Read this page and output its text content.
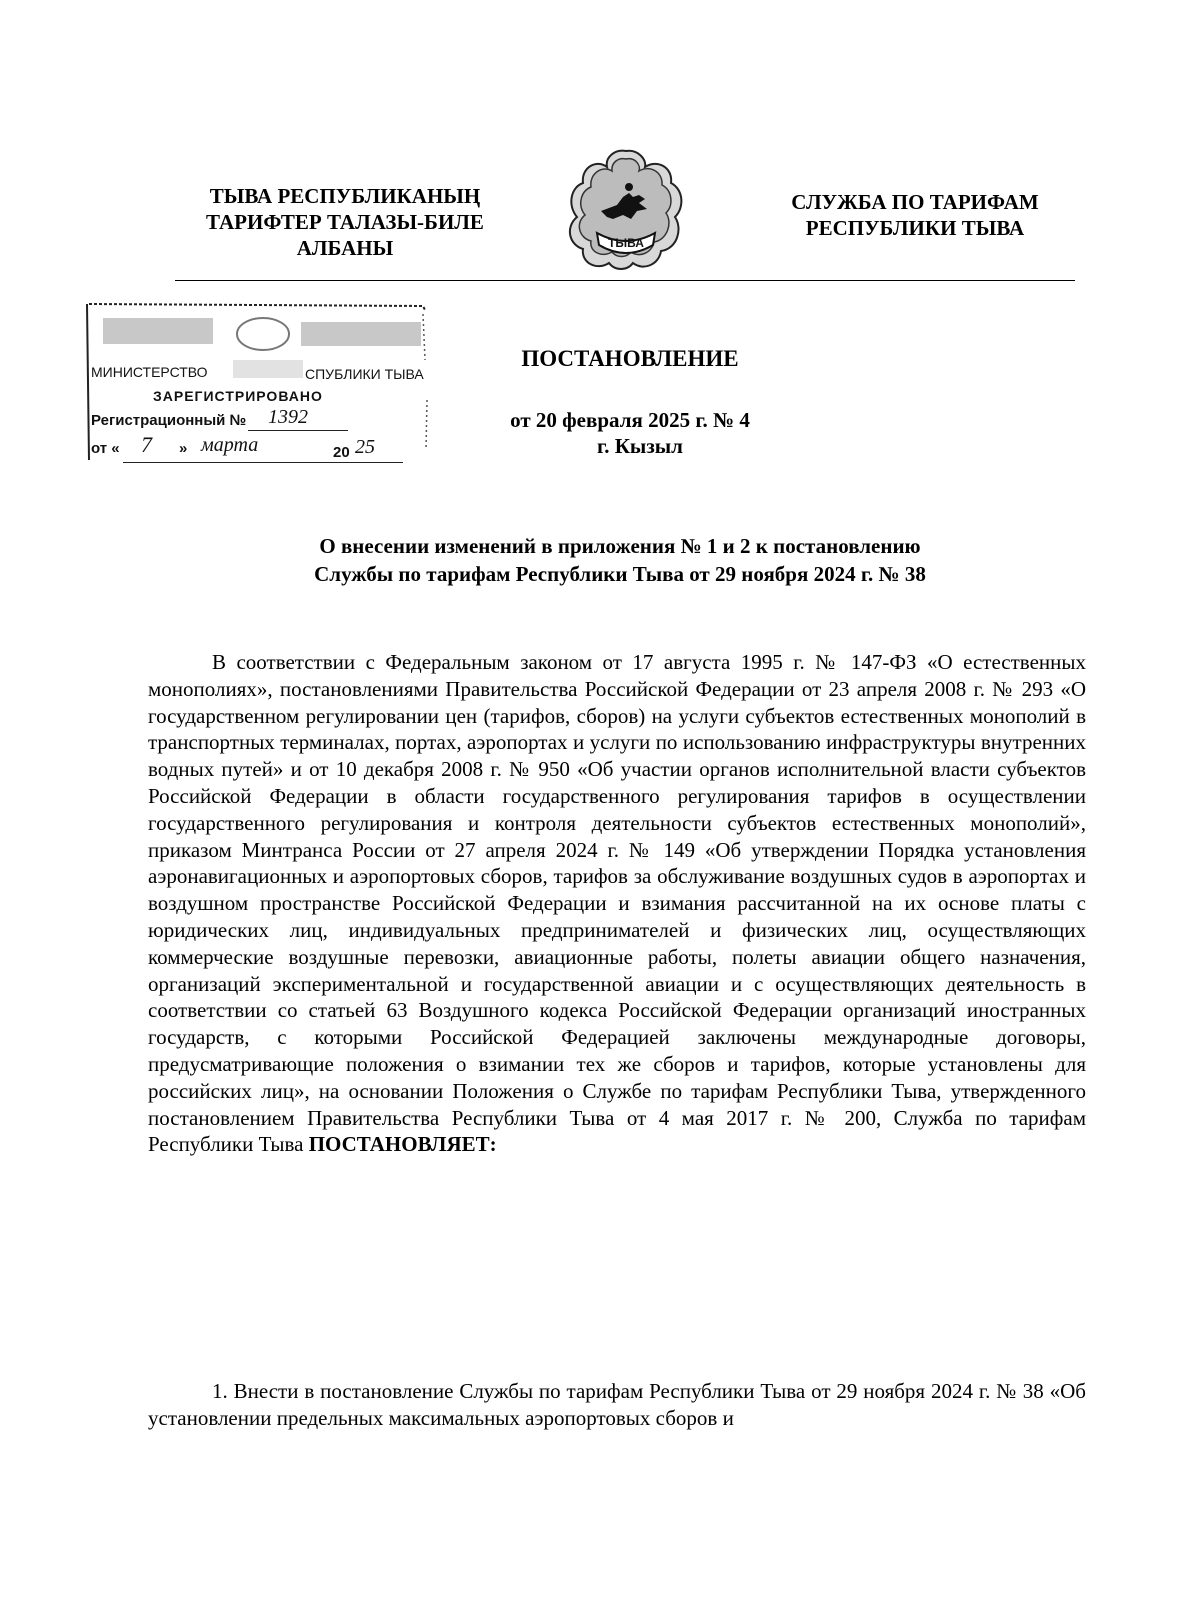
ТЫВА РЕСПУБЛИКАНЫҢ
ТАРИФТЕР ТАЛАЗЫ-БИЛЕ
АЛБАНЫ	ТЫВА
СЛУЖБА ПО ТАРИФАМ
РЕСПУБЛИКИ ТЫВА
МИНИСТЕРСТВО	СПУБЛИКИ ТЫВА
ЗАРЕГИСТРИРОВАНО
Регистрационный № 1392
от « 7 » марта	20 25
ПОСТАНОВЛЕНИЕ
от 20 февраля 2025 г. № 4
г. Кызыл
О внесении изменений в приложения № 1 и 2 к постановлению
Службы по тарифам Республики Тыва от 29 ноября 2024 г. № 38
В соответствии с Федеральным законом от 17 августа 1995 г. № 147-ФЗ «О естественных монополиях», постановлениями Правительства Российской Федерации от 23 апреля 2008 г. № 293 «О государственном регулировании цен (тарифов, сборов) на услуги субъектов естественных монополий в транспортных терминалах, портах, аэропортах и услуги по использованию инфраструктуры внутренних водных путей» и от 10 декабря 2008 г. № 950 «Об участии органов исполнительной власти субъектов Российской Федерации в области государственного регулирования тарифов в осуществлении государственного регулирования и контроля деятельности субъектов естественных монополий», приказом Минтранса России от 27 апреля 2024 г. № 149 «Об утверждении Порядка установления аэронавигационных и аэропортовых сборов, тарифов за обслуживание воздушных судов в аэропортах и воздушном пространстве Российской Федерации и взимания рассчитанной на их основе платы с юридических лиц, индивидуальных предпринимателей и физических лиц, осуществляющих коммерческие воздушные перевозки, авиационные работы, полеты авиации общего назначения, организаций экспериментальной и государственной авиации и с осуществляющих деятельность в соответствии со статьей 63 Воздушного кодекса Российской Федерации организаций иностранных государств, с которыми Российской Федерацией заключены международные договоры, предусматривающие положения о взимании тех же сборов и тарифов, которые установлены для российских лиц», на основании Положения о Службе по тарифам Республики Тыва, утвержденного постановлением Правительства Республики Тыва от 4 мая 2017 г. № 200, Служба по тарифам Республики Тыва ПОСТАНОВЛЯЕТ:
1. Внести в постановление Службы по тарифам Республики Тыва от 29 ноября 2024 г. № 38 «Об установлении предельных максимальных аэропортовых сборов и
